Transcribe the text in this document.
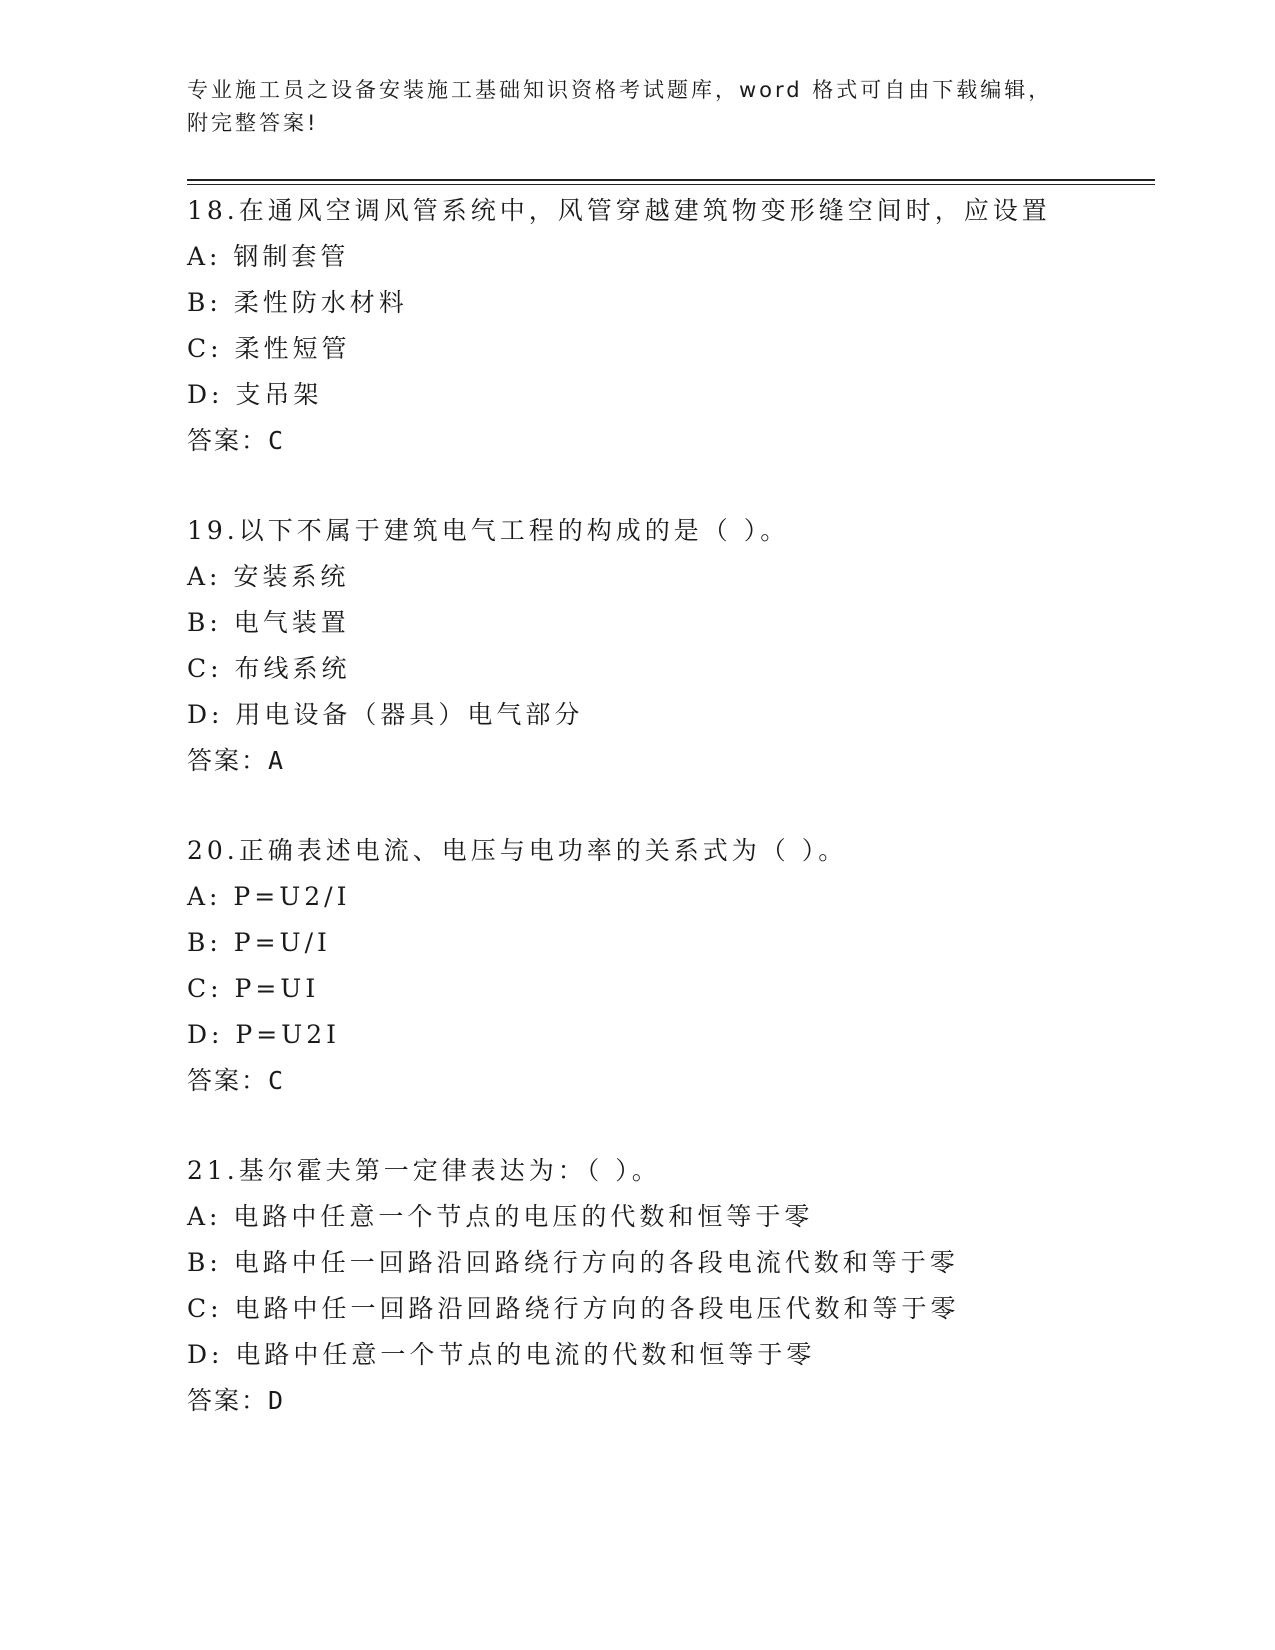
专业施工员之设备安装施工基础知识资格考试题库，word 格式可自由下载编辑，
附完整答案!
18.在通风空调风管系统中，风管穿越建筑物变形缝空间时，应设置
A: 钢制套管
B: 柔性防水材料
C: 柔性短管
D: 支吊架
答案：C
19.以下不属于建筑电气工程的构成的是（ ）。
A: 安装系统
B: 电气装置
C: 布线系统
D: 用电设备（器具）电气部分
答案：A
20.正确表述电流、电压与电功率的关系式为（ ）。
A: P=U2/I
B: P=U/I
C: P=UI
D: P=U2I
答案：C
21.基尔霍夫第一定律表达为：（ ）。
A: 电路中任意一个节点的电压的代数和恒等于零
B: 电路中任一回路沿回路绕行方向的各段电流代数和等于零
C: 电路中任一回路沿回路绕行方向的各段电压代数和等于零
D: 电路中任意一个节点的电流的代数和恒等于零
答案：D
